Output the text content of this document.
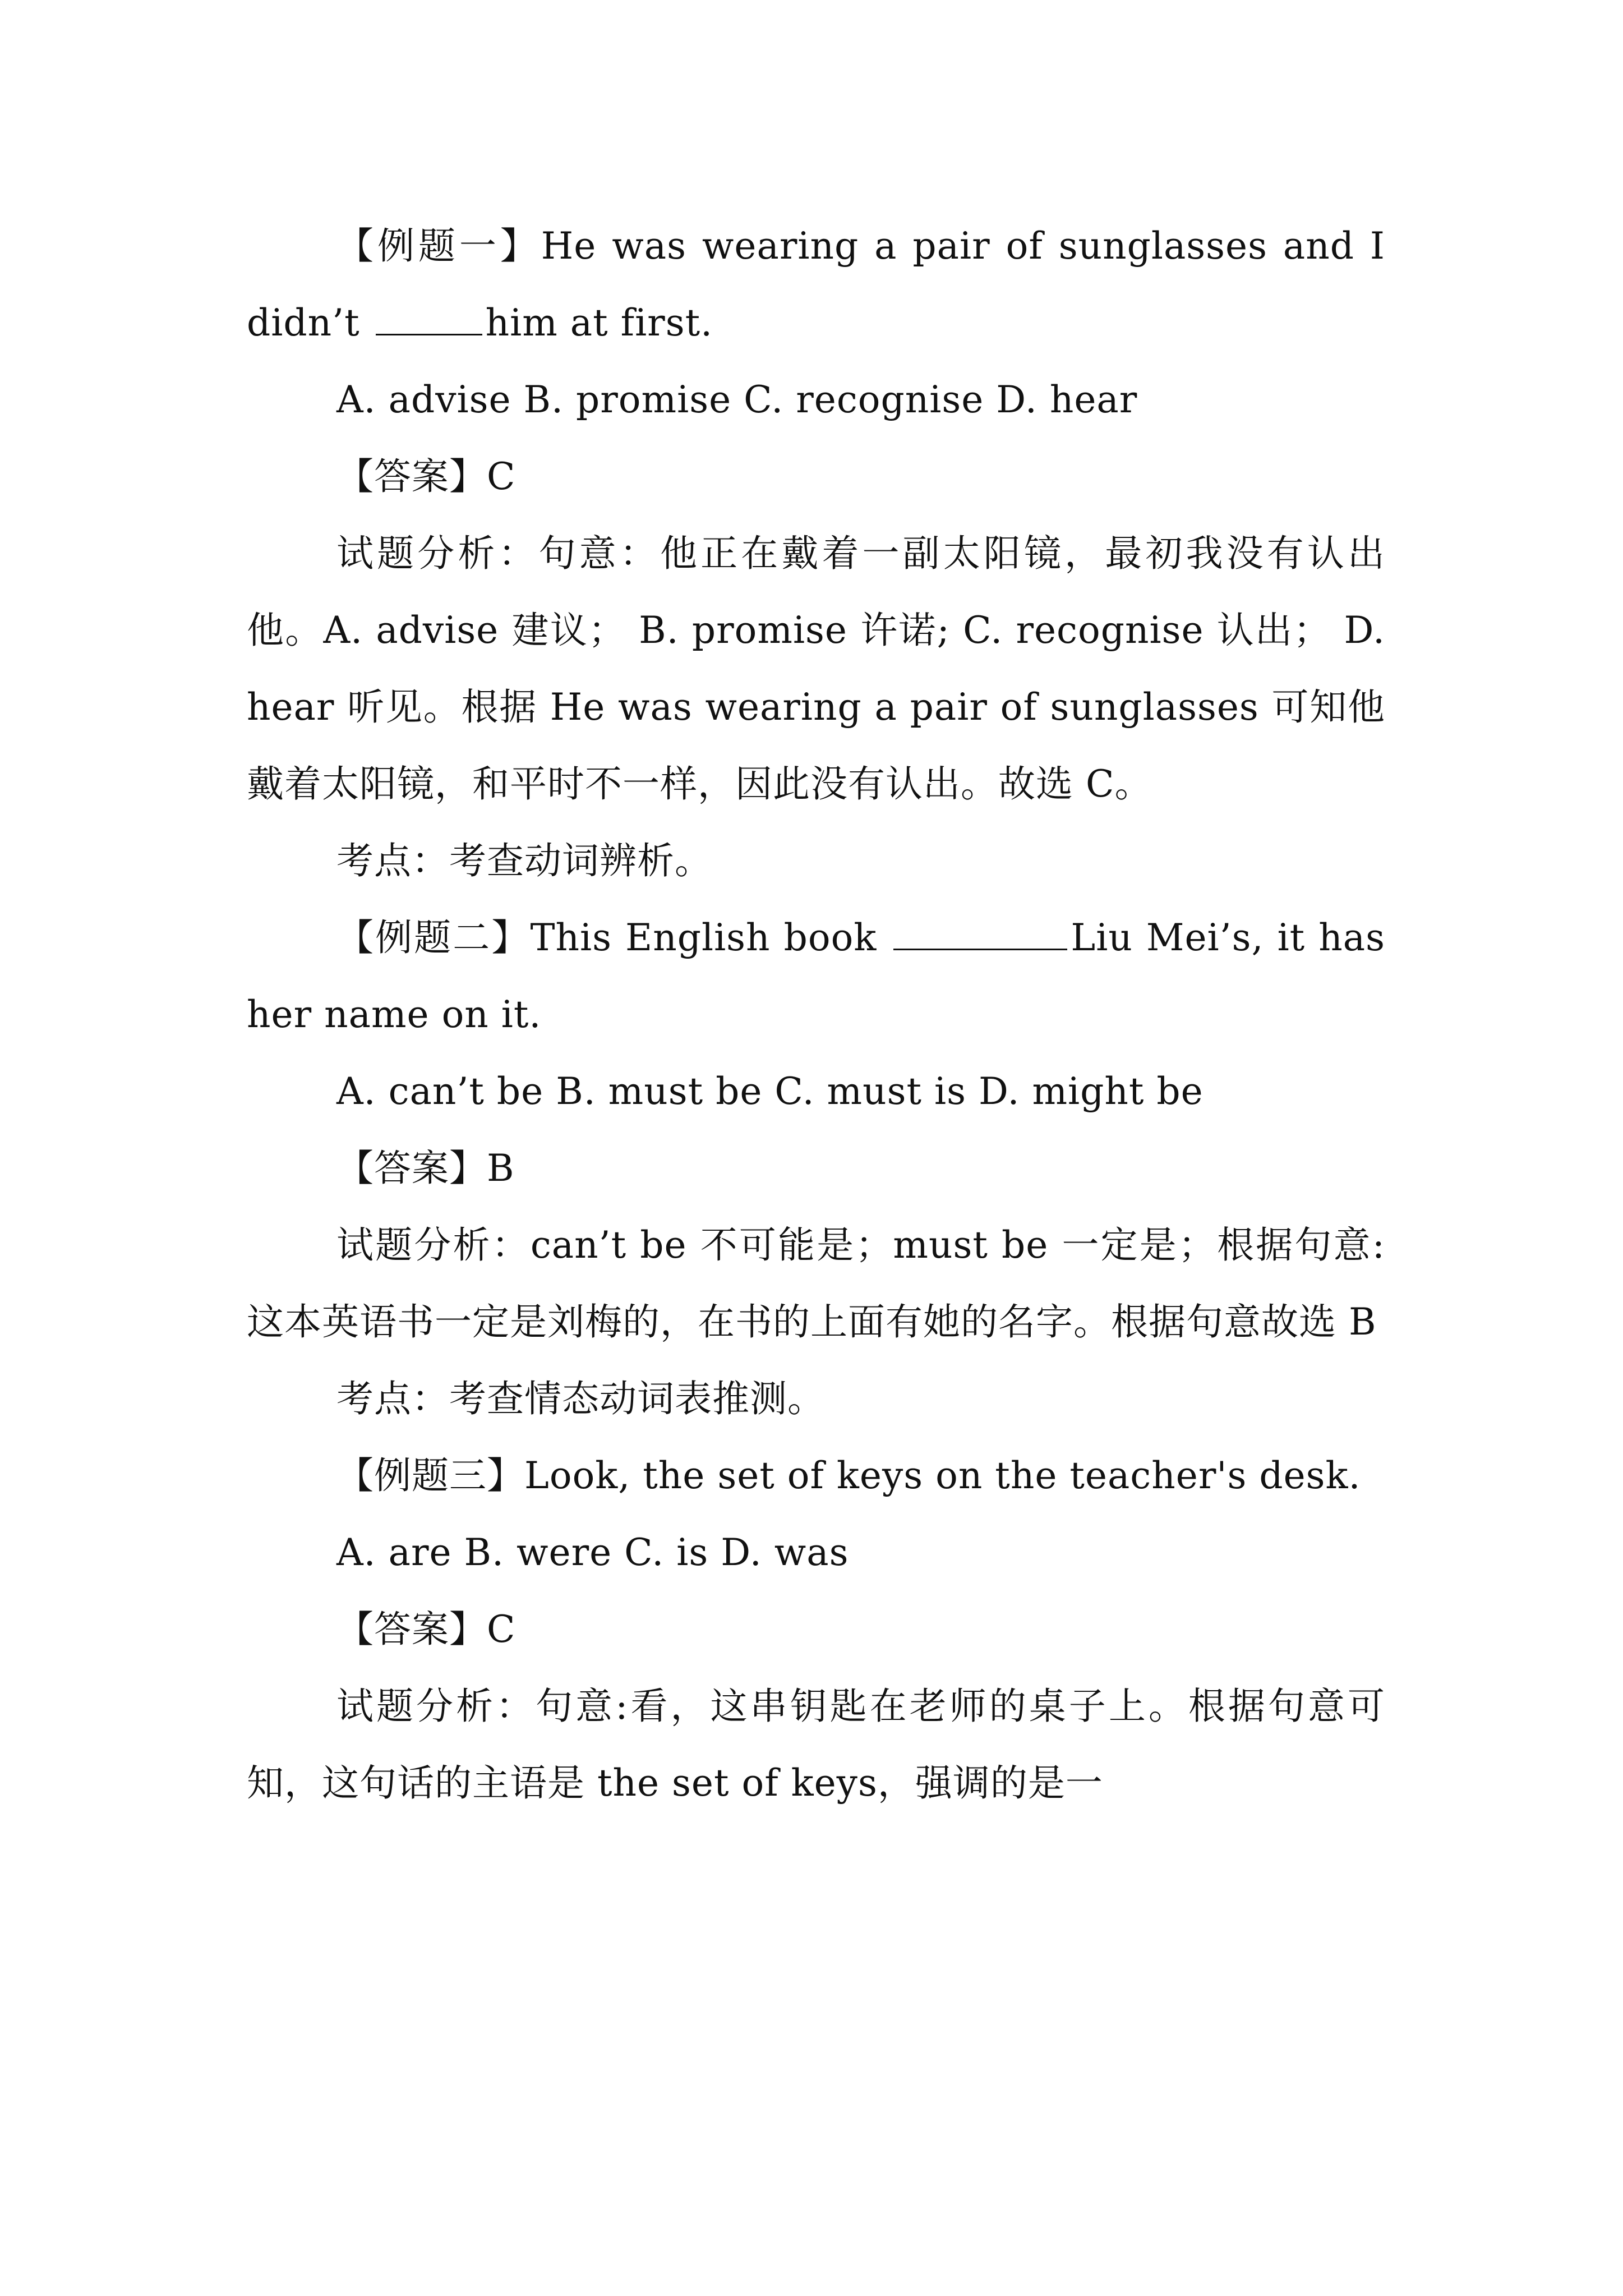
【例题一】He was wearing a pair of sunglasses and I didn’t	him at first.

A. advise B. promise C. recognise D. hear

【答案】C

试题分析：句意：他正在戴着一副太阳镜，最初我没有认出他。A. advise 建议； B. promise 许诺; C. recognise 认出； D. hear 听见。根据 He was wearing a pair of sunglasses 可知他戴着太阳镜，和平时不一样，因此没有认出。故选 C。

考点：考查动词辨析。

【例题二】This English book	Liu Mei’s, it has her name on it.

A. can’t be B. must be C. must is D. might be

【答案】B

试题分析：can’t be 不可能是；must be 一定是；根据句意: 这本英语书一定是刘梅的，在书的上面有她的名字。根据句意故选 B

考点：考查情态动词表推测。

【例题三】Look, the set of keys on the teacher's desk.

A. are B. were C. is D. was

【答案】C

试题分析：句意:看，这串钥匙在老师的桌子上。根据句意可知，这句话的主语是 the set of keys，强调的是一
